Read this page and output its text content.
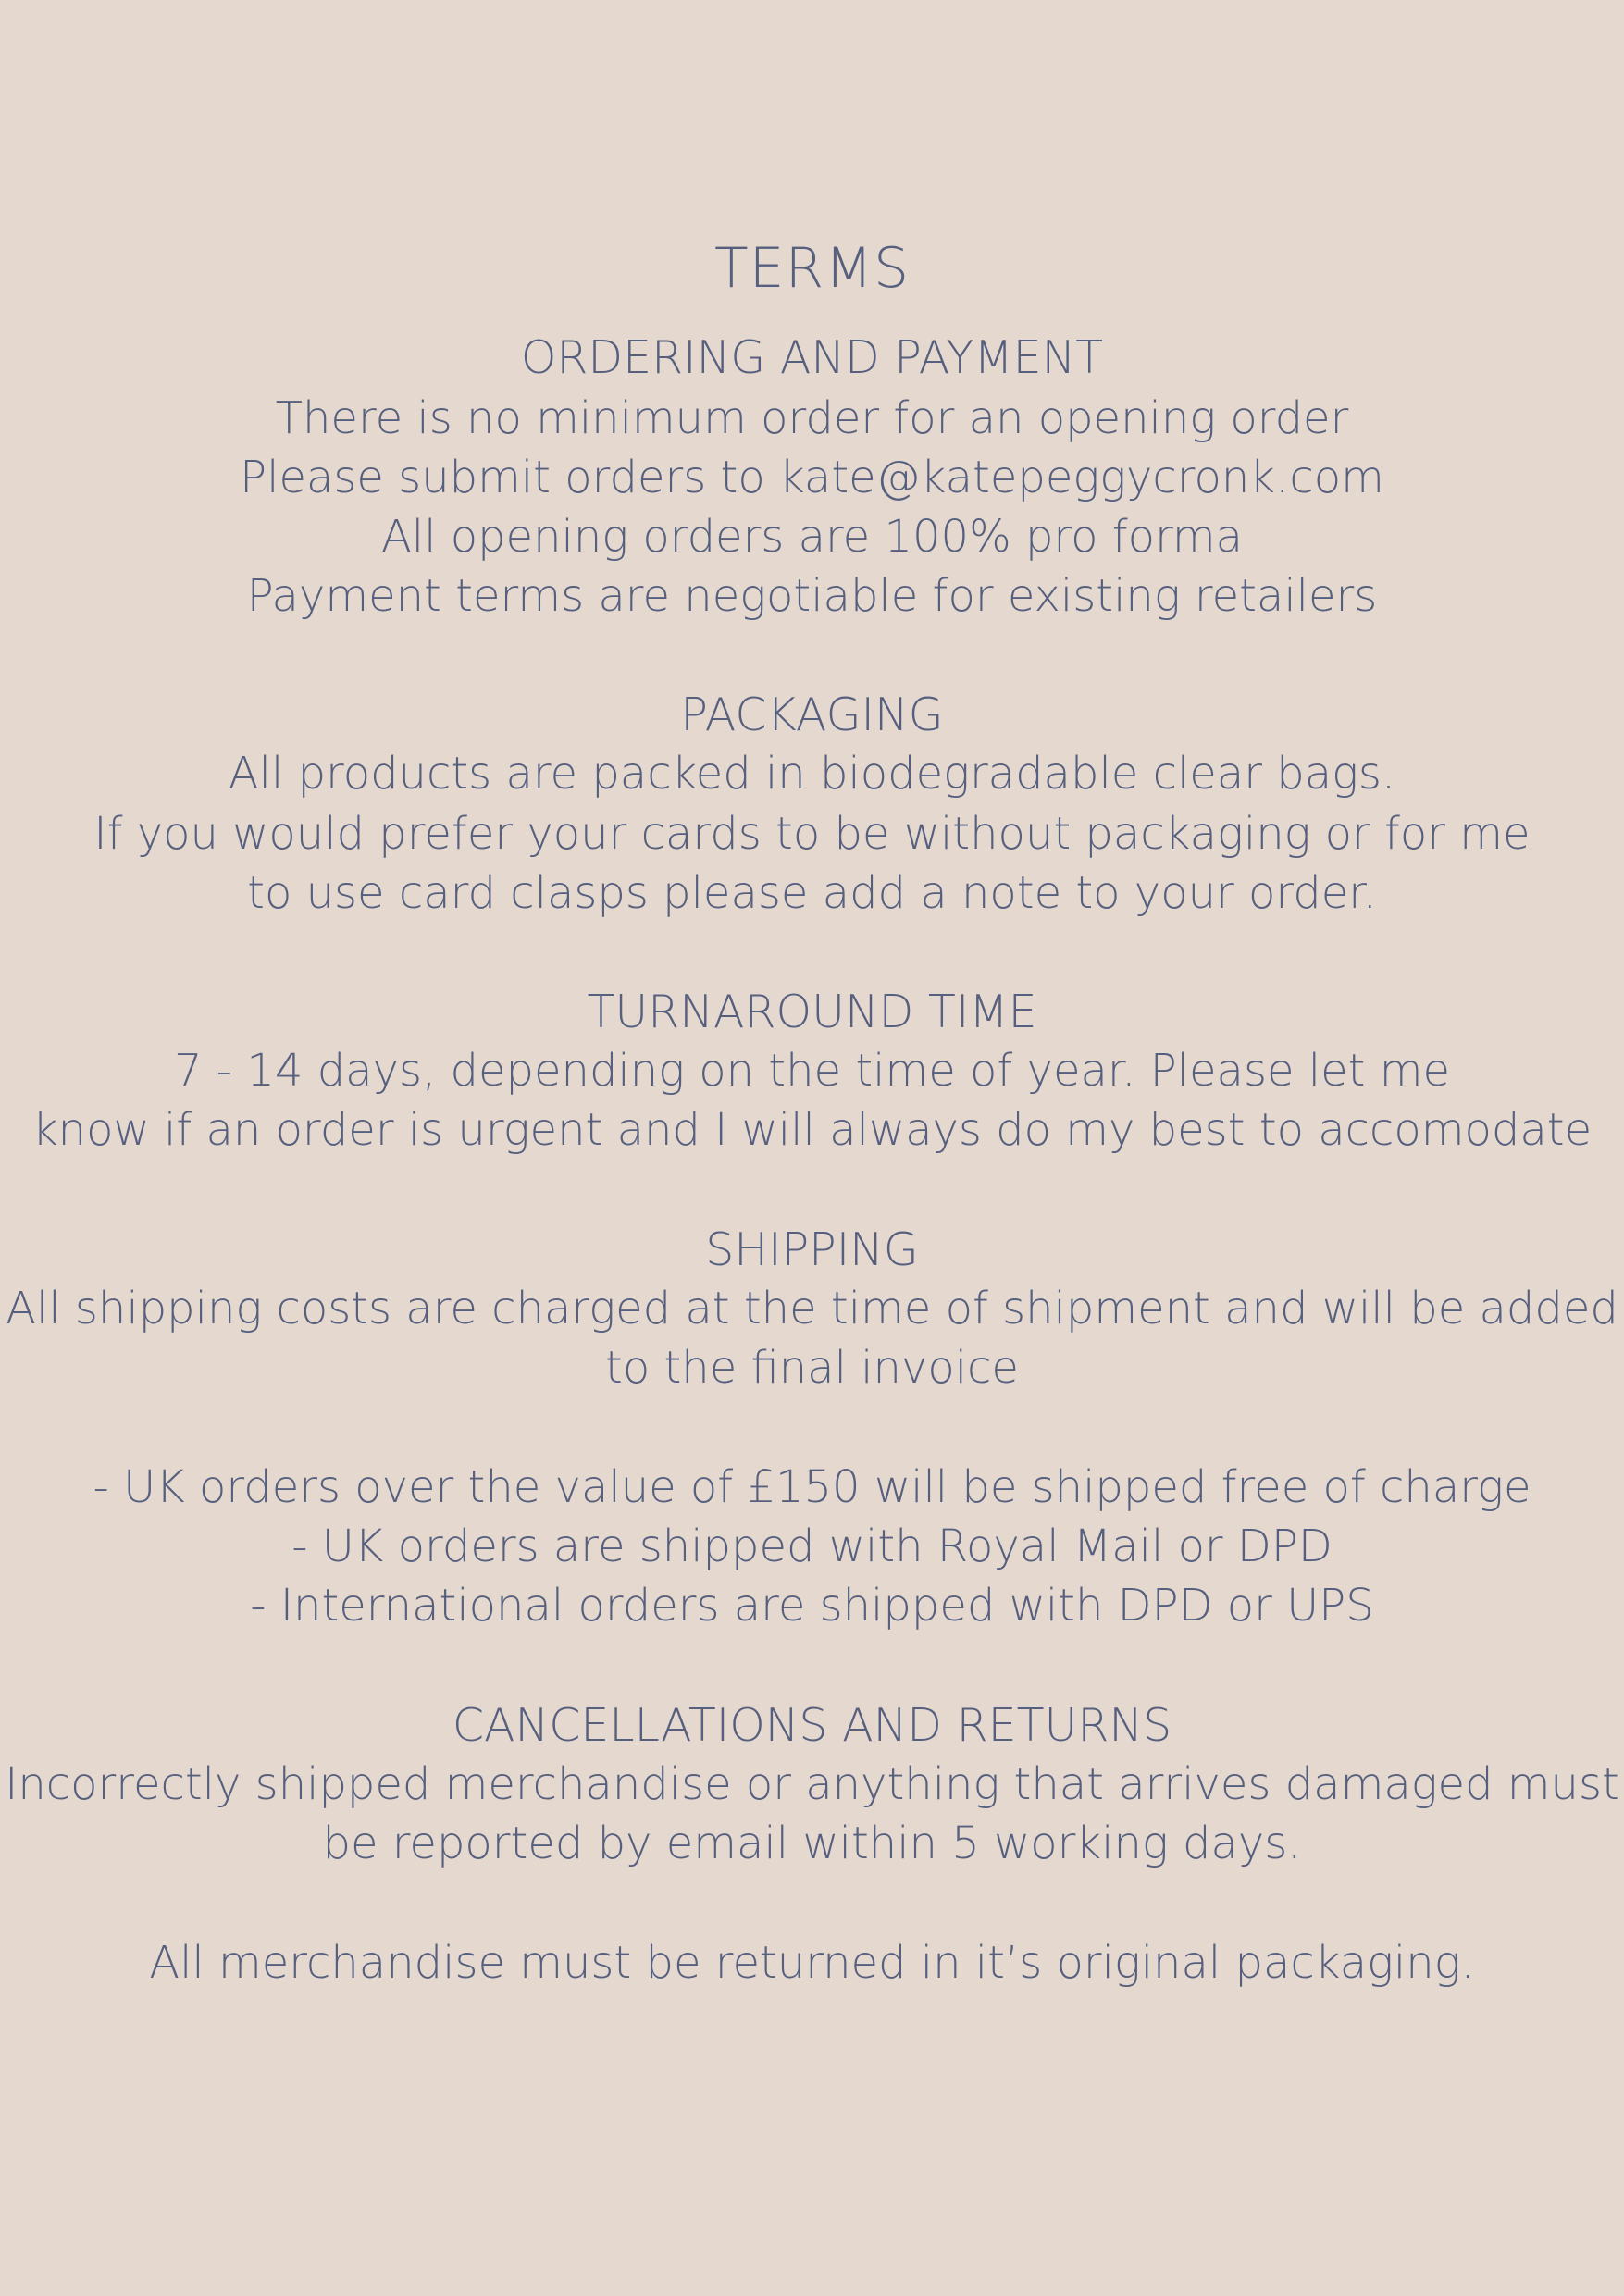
TERMS
ORDERING AND PAYMENT
There is no minimum order for an opening order
Please submit orders to kate@katepeggycronk.com
All opening orders are 100% pro forma
Payment terms are negotiable for existing retailers
PACKAGING
All products are packed in biodegradable clear bags.
If you would prefer your cards to be without packaging or for me
to use card clasps please add a note to your order.
TURNAROUND TIME
7 - 14 days, depending on the time of year. Please let me
know if an order is urgent and I will always do my best to accomodate
SHIPPING
All shipping costs are charged at the time of shipment and will be added
to the final invoice
- UK orders over the value of £150 will be shipped free of charge
- UK orders are shipped with Royal Mail or DPD
- International orders are shipped with DPD or UPS
CANCELLATIONS AND RETURNS
Incorrectly shipped merchandise or anything that arrives damaged must
be reported by email within 5 working days.
All merchandise must be returned in it’s original packaging.
